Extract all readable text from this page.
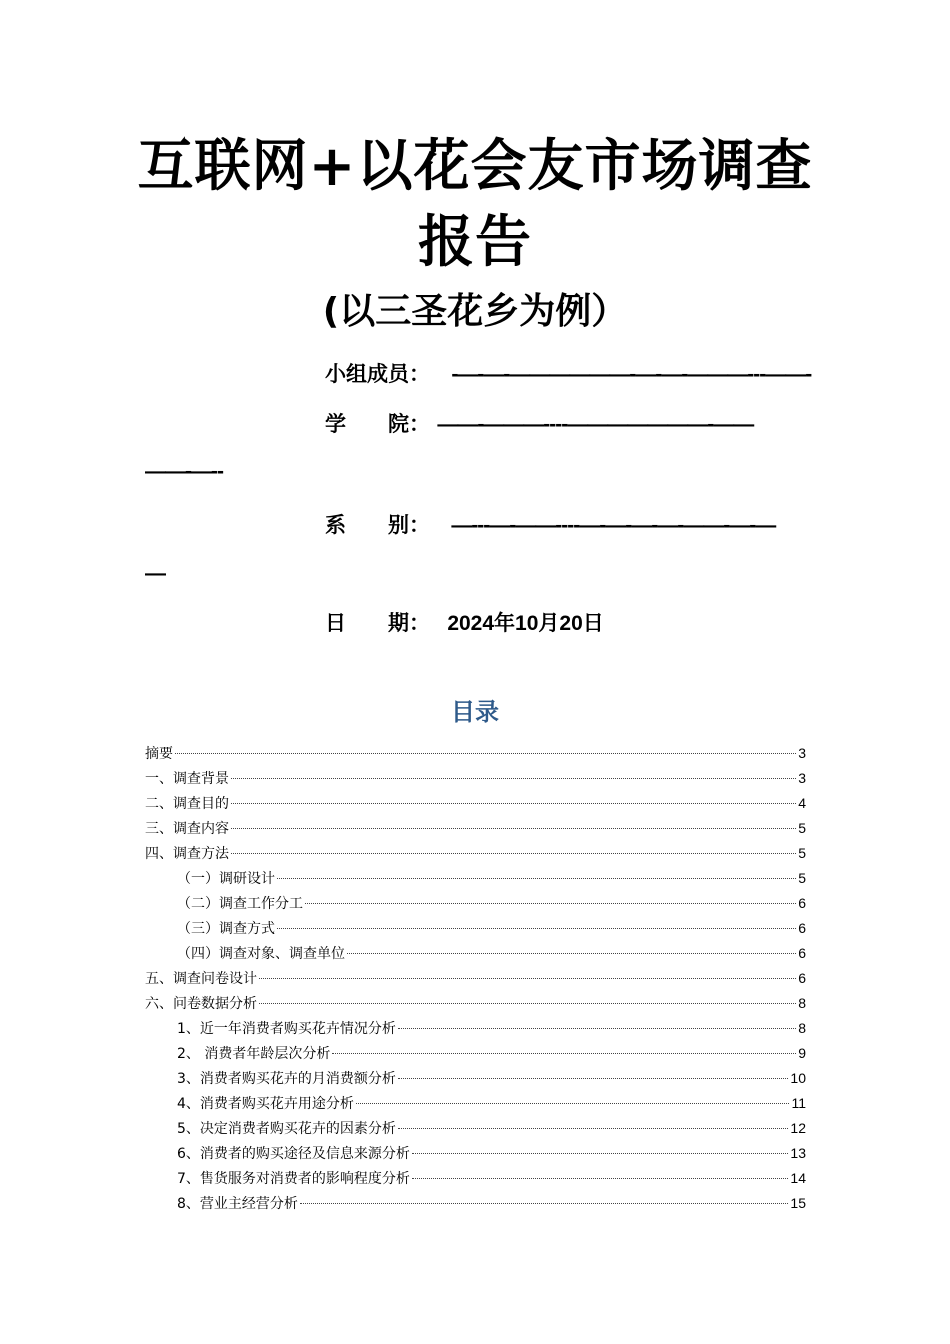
互联网+以花会友市场调查
报告
(以三圣花乡为例）
小组成员： -—-—-——————-—-—-———---——-
学　　院： ——-———----———————-——
——-—--
系　　别： —---—-——----—-—-—-—-——-—-—
—
日　　期： 2024年10月20日
目录
摘要	3
一、调查背景	3
二、调查目的	4
三、调查内容	5
四、调查方法	5
（一）调研设计	5
（二）调查工作分工	6
（三）调查方式	6
（四）调查对象、调查单位	6
五、调查问卷设计	6
六、问卷数据分析	8
1、近一年消费者购买花卉情况分析	8
2、 消费者年龄层次分析	9
3、消费者购买花卉的月消费额分析	10
4、消费者购买花卉用途分析	11
5、决定消费者购买花卉的因素分析	12
6、消费者的购买途径及信息来源分析	13
7、售货服务对消费者的影响程度分析	14
8、营业主经营分析	15
